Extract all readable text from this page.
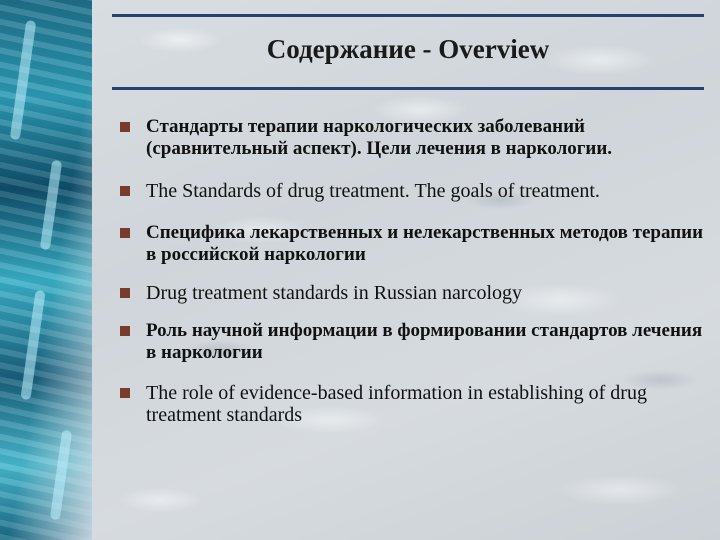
Содержание - Overview
Стандарты терапии наркологических заболеваний (сравнительный аспект). Цели лечения в наркологии.
The Standards of drug treatment. The goals of treatment.
Специфика лекарственных и нелекарственных методов терапии в российской наркологии
Drug treatment standards in Russian narcology
Роль научной информации в формировании стандартов лечения в наркологии
The role of evidence-based information in establishing of drug treatment standards
